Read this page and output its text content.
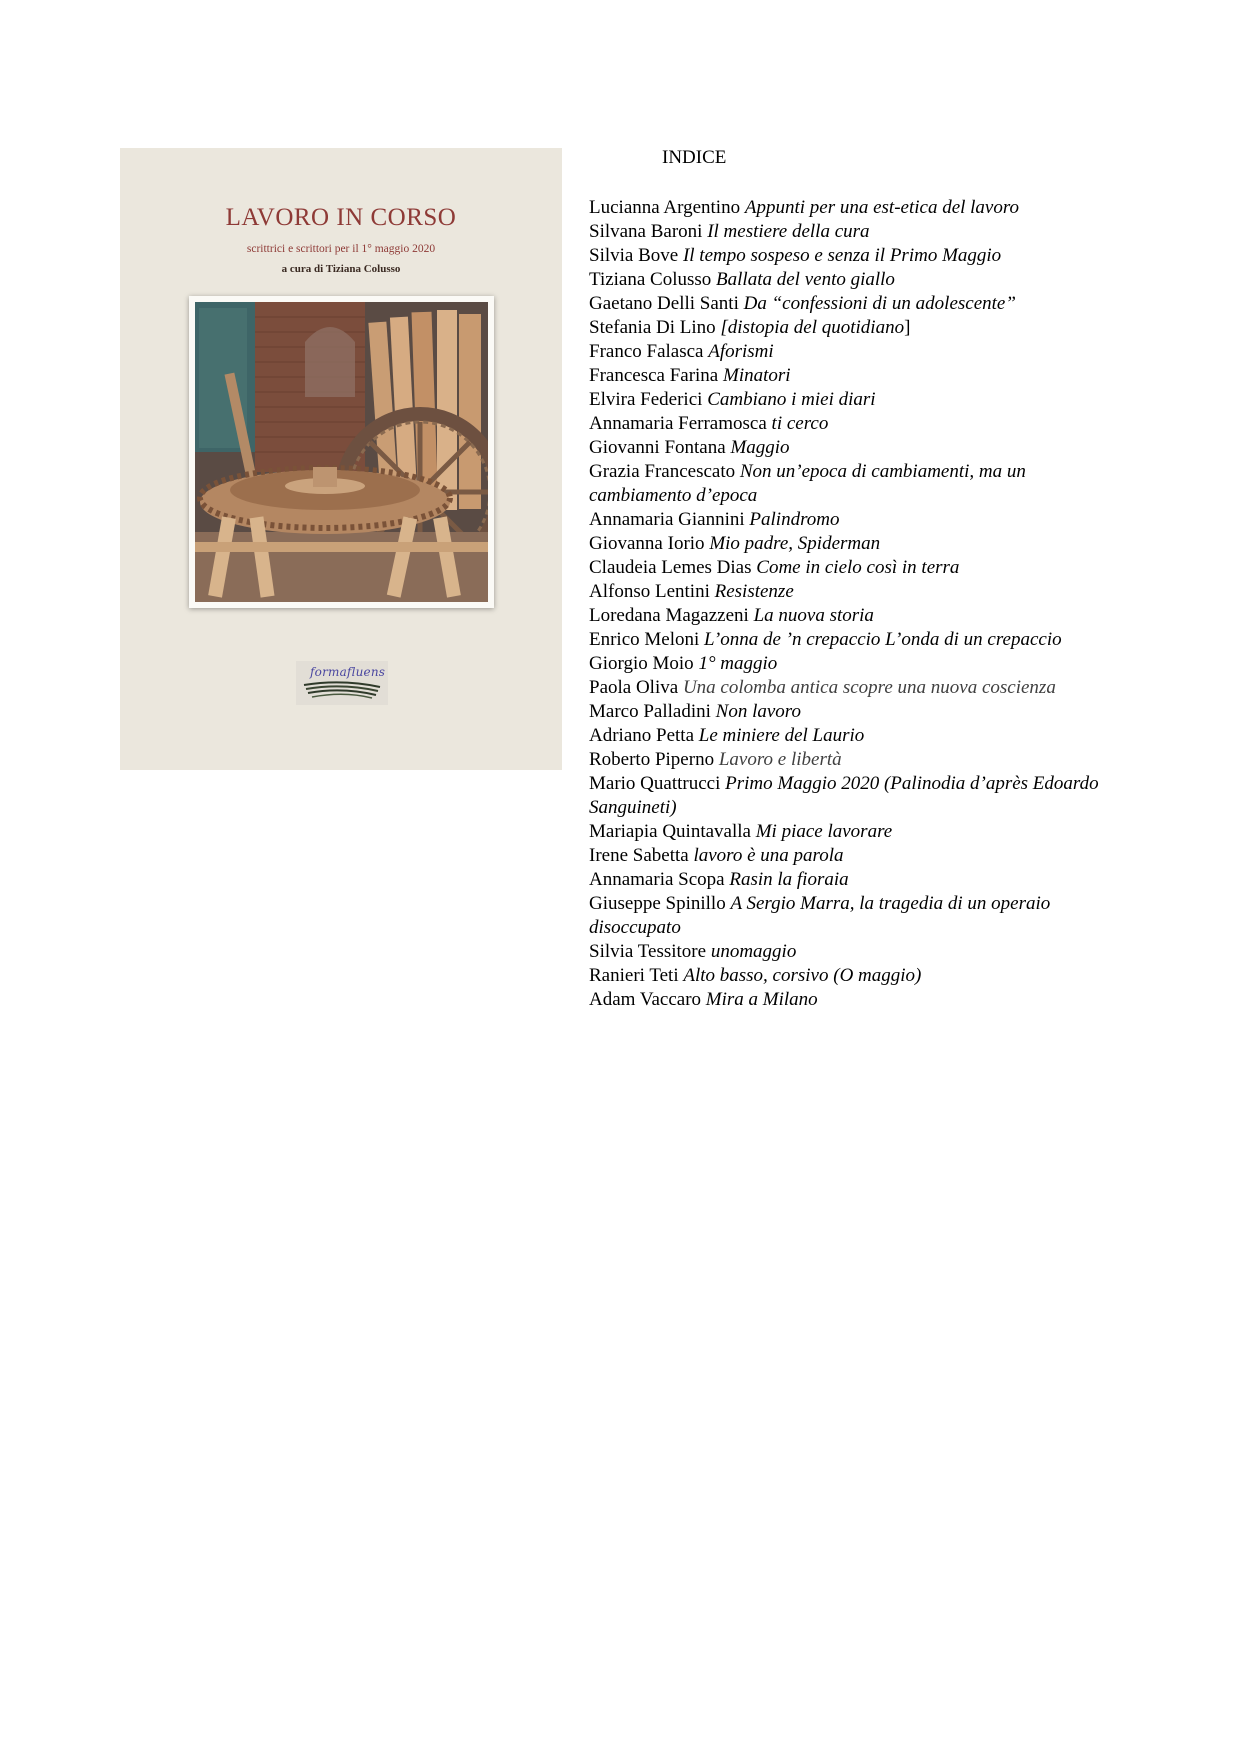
LAVORO IN CORSO
scrittrici e scrittori per il 1° maggio 2020
a cura di Tiziana Colusso
formafluens
INDICE
Lucianna Argentino Appunti per una est-etica del lavoro
Silvana Baroni Il mestiere della cura
Silvia Bove Il tempo sospeso e senza il Primo Maggio
Tiziana Colusso Ballata del vento giallo
Gaetano Delli Santi Da “confessioni di un adolescente”
Stefania Di Lino [distopia del quotidiano]
Franco Falasca Aforismi
Francesca Farina Minatori
Elvira Federici Cambiano i miei diari
Annamaria Ferramosca ti cerco
Giovanni Fontana Maggio
Grazia Francescato Non un’epoca di cambiamenti, ma un cambiamento d’epoca
Annamaria Giannini Palindromo
Giovanna Iorio Mio padre, Spiderman
Claudeia Lemes Dias Come in cielo così in terra
Alfonso Lentini Resistenze
Loredana Magazzeni La nuova storia
Enrico Meloni L’onna de ’n crepaccio L’onda di un crepaccio
Giorgio Moio 1° maggio
Paola Oliva Una colomba antica scopre una nuova coscienza
Marco Palladini Non lavoro
Adriano Petta Le miniere del Laurio
Roberto Piperno Lavoro e libertà
Mario Quattrucci Primo Maggio 2020 (Palinodia d’après Edoardo Sanguineti)
Mariapia Quintavalla Mi piace lavorare
Irene Sabetta lavoro è una parola
Annamaria Scopa Rasin la fioraia
Giuseppe Spinillo A Sergio Marra, la tragedia di un operaio disoccupato
Silvia Tessitore unomaggio
Ranieri Teti Alto basso, corsivo (O maggio)
Adam Vaccaro Mira a Milano
